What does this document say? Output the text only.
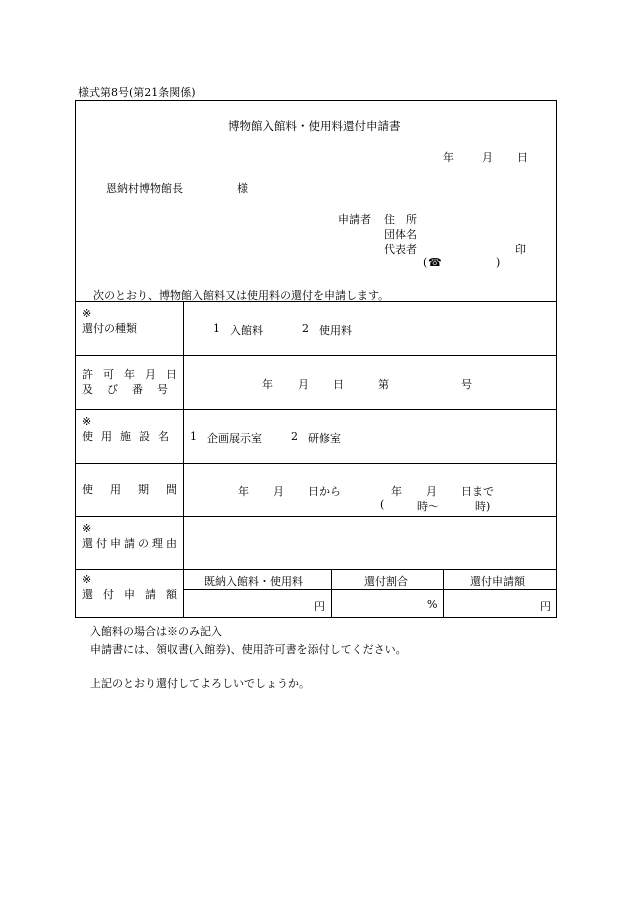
様式第8号(第21条関係)
博物館入館料・使用料還付申請書
年	月 日
恩納村博物館長	様
申請者 住　所
団体名
代表者	印
( ☎	)
次のとおり、博物館入館料又は使用料の還付を申請します。
※
還付の種類	1 入館料	2 使用料
許可年月日
及び番号	年 月 日	第	号
※
使用施設名 1 企画展示室	2 研修室
使用期間	年 月 日から	年 月 日まで
(	時〜	時)
※
還付申請の理由
※
還付申請額
既納入館料・使用料	還付割合	還付申請額
円	%	円
入館料の場合は※のみ記入
申請書には、領収書(入館券)、使用許可書を添付してください。
上記のとおり還付してよろしいでしょうか。
